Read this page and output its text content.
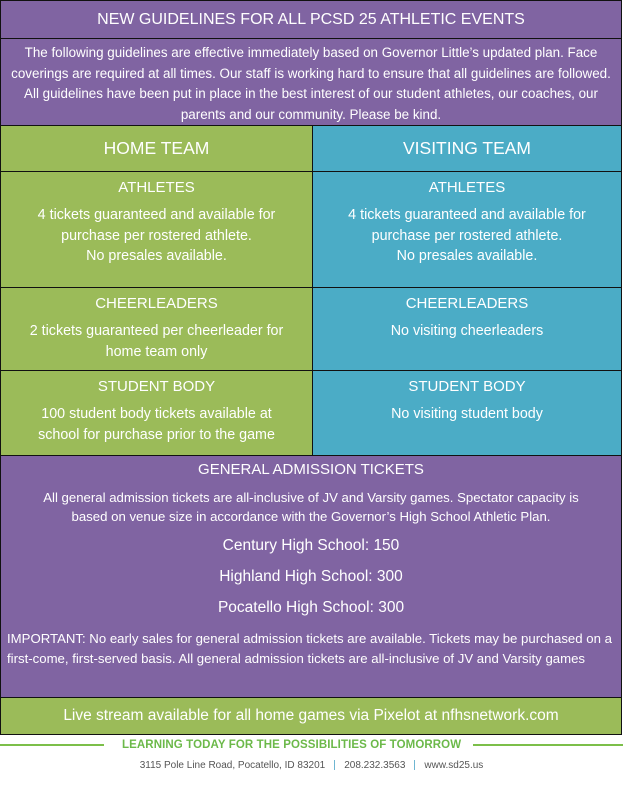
NEW GUIDELINES FOR ALL PCSD 25 ATHLETIC EVENTS
The following guidelines are effective immediately based on Governor Little’s updated plan. Face coverings are required at all times. Our staff is working hard to ensure that all guidelines are followed. All guidelines have been put in place in the best interest of our student athletes, our coaches, our parents and our community. Please be kind.
HOME TEAM	VISITING TEAM
ATHLETES
4 tickets guaranteed and available for
purchase per rostered athlete.
No presales available.
ATHLETES
4 tickets guaranteed and available for
purchase per rostered athlete.
No presales available.
CHEERLEADERS
2 tickets guaranteed per cheerleader for
home team only
CHEERLEADERS
No visiting cheerleaders
STUDENT BODY
100 student body tickets available at
school for purchase prior to the game
STUDENT BODY
No visiting student body
GENERAL ADMISSION TICKETS
All general admission tickets are all-inclusive of JV and Varsity games. Spectator capacity is
based on venue size in accordance with the Governor’s High School Athletic Plan.
Century High School: 150
Highland High School: 300
Pocatello High School: 300
IMPORTANT: No early sales for general admission tickets are available. Tickets may be purchased on a first-come, first-served basis. All general admission tickets are all-inclusive of JV and Varsity games
Live stream available for all home games via Pixelot at nfhsnetwork.com
LEARNING TODAY FOR THE POSSIBILITIES OF TOMORROW
3115 Pole Line Road, Pocatello, ID 83201 208.232.3563 www.sd25.us
